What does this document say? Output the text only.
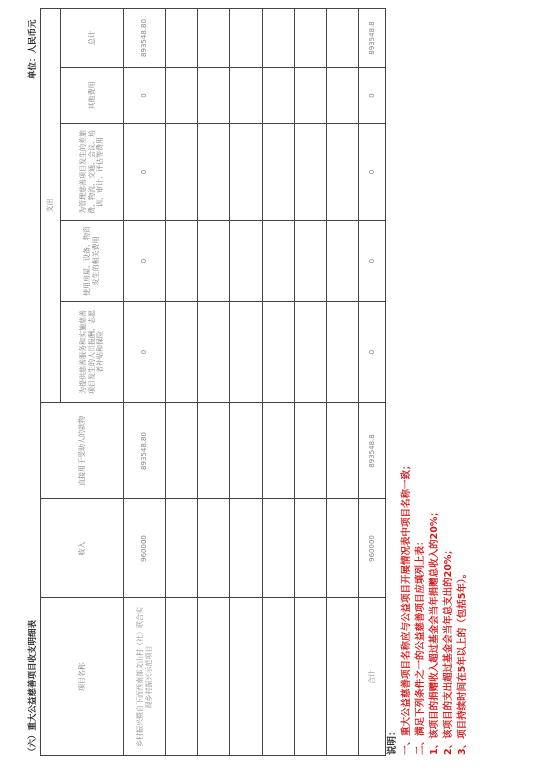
（六）重大公益慈善项目收支明细表
单位：人民币元
项目名称
收入
支出
直接用于受助人的款物
为提供慈善服务和实施慈善项目发生的人员报酬、志愿者补贴和保险
使用房屋、设备、物资发生的相关费用
为管理慈善项目发生的差旅费、物流、交通、会议、培训、审计、评估等费用
其他费用
总计
乡村振兴暨自下而西南部文山村（社）联合实现乡村振兴示范项目
960000
893548.80
0
0
0
0
893548.80
合计
960000
893548.8
0
0
0
0
893548.8
说明： 一、重大公益慈善项目名称应与公益项目开展情况表中项目名称一致； 二、满足下列条件之一的公益慈善项目应填列上表： 1、该项目的捐赠收入超过基金会当年捐赠总收入的20%； 2、该项目的支出超过基金会当年总支出的20%； 3、项目持续时间在5年以上的（包括5年）。
